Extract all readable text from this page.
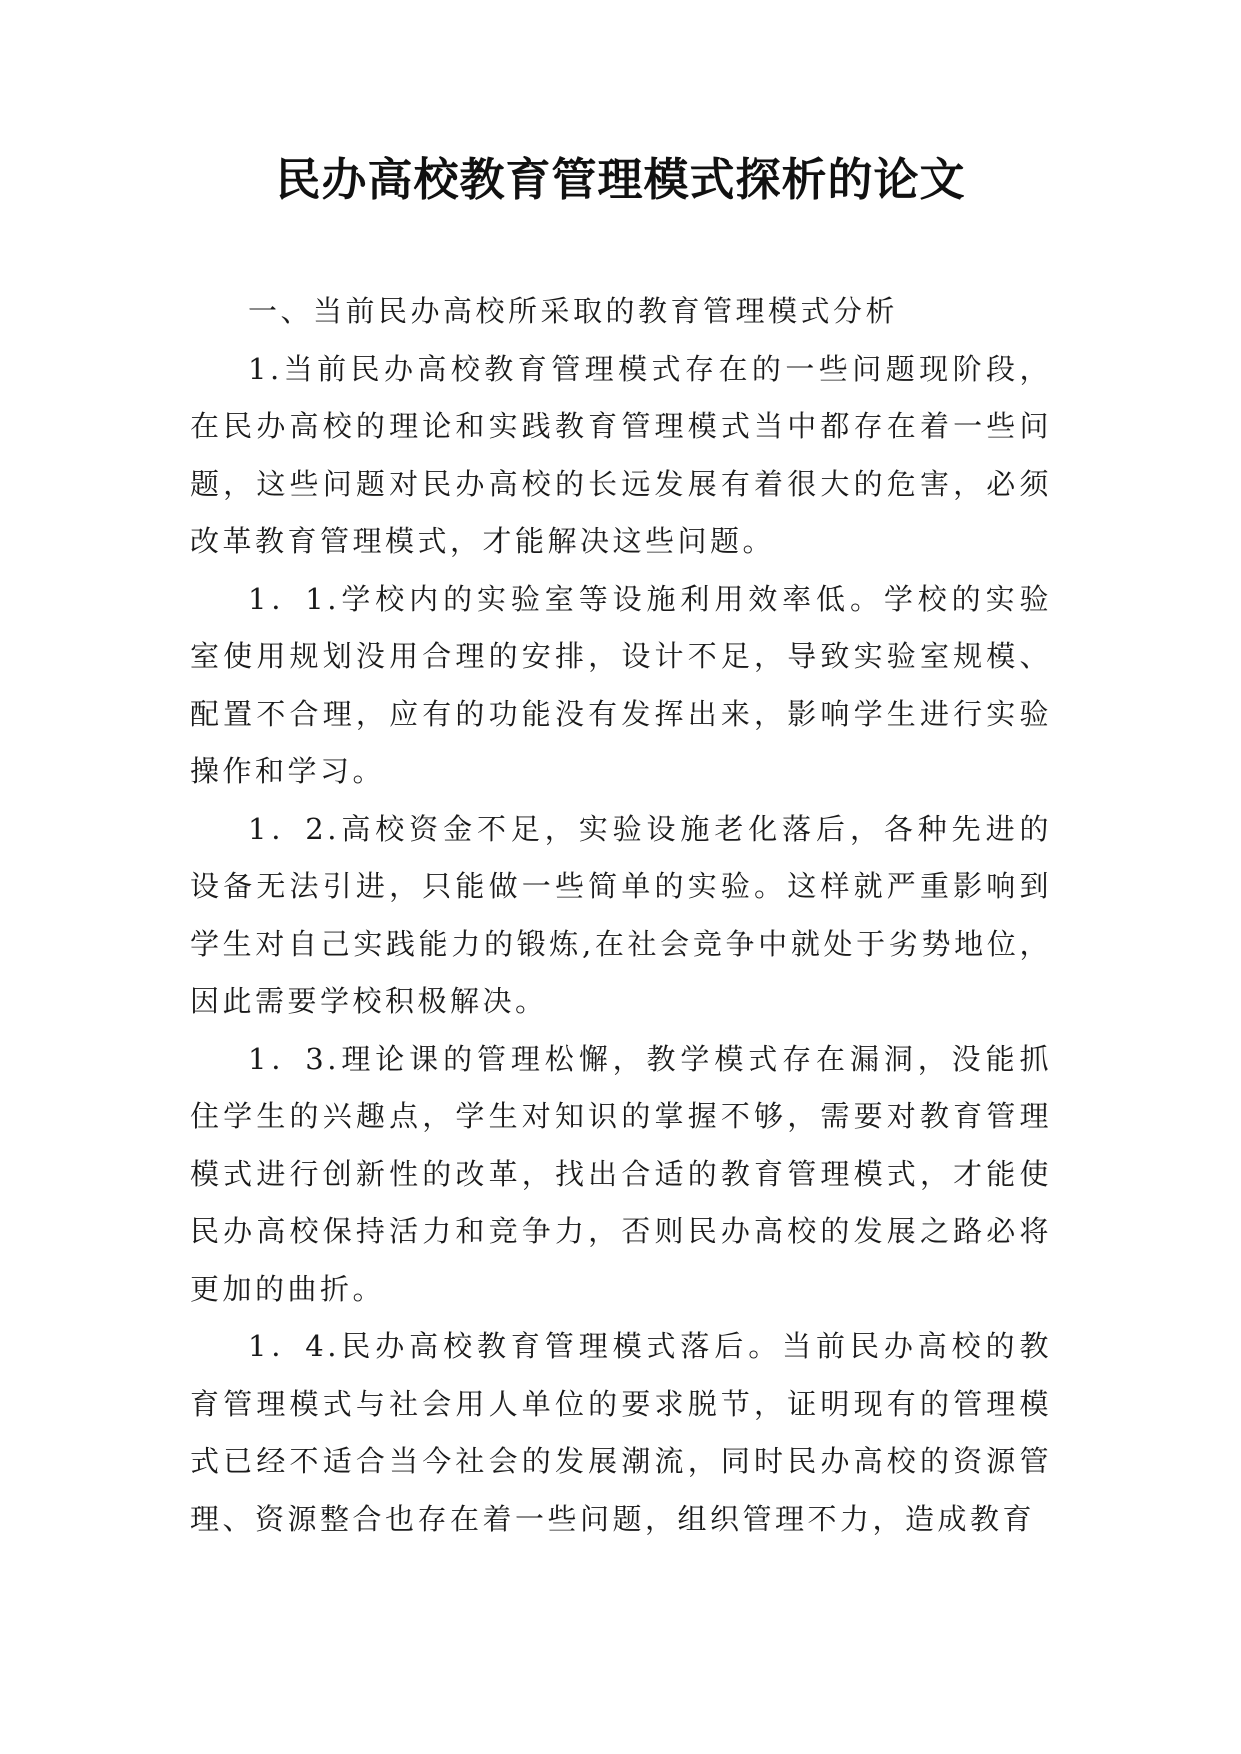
民办高校教育管理模式探析的论文

一、当前民办高校所采取的教育管理模式分析

1.当前民办高校教育管理模式存在的一些问题现阶段，在民办高校的理论和实践教育管理模式当中都存在着一些问题，这些问题对民办高校的长远发展有着很大的危害，必须改革教育管理模式，才能解决这些问题。

1．1.学校内的实验室等设施利用效率低。学校的实验室使用规划没用合理的安排，设计不足，导致实验室规模、配置不合理，应有的功能没有发挥出来，影响学生进行实验操作和学习。

1．2.高校资金不足，实验设施老化落后，各种先进的设备无法引进，只能做一些简单的实验。这样就严重影响到学生对自己实践能力的锻炼,在社会竞争中就处于劣势地位，因此需要学校积极解决。

1．3.理论课的管理松懈，教学模式存在漏洞，没能抓住学生的兴趣点，学生对知识的掌握不够，需要对教育管理模式进行创新性的改革，找出合适的教育管理模式，才能使民办高校保持活力和竞争力，否则民办高校的发展之路必将更加的曲折。

1．4.民办高校教育管理模式落后。当前民办高校的教育管理模式与社会用人单位的要求脱节，证明现有的管理模式已经不适合当今社会的发展潮流，同时民办高校的资源管理、资源整合也存在着一些问题，组织管理不力，造成教育
